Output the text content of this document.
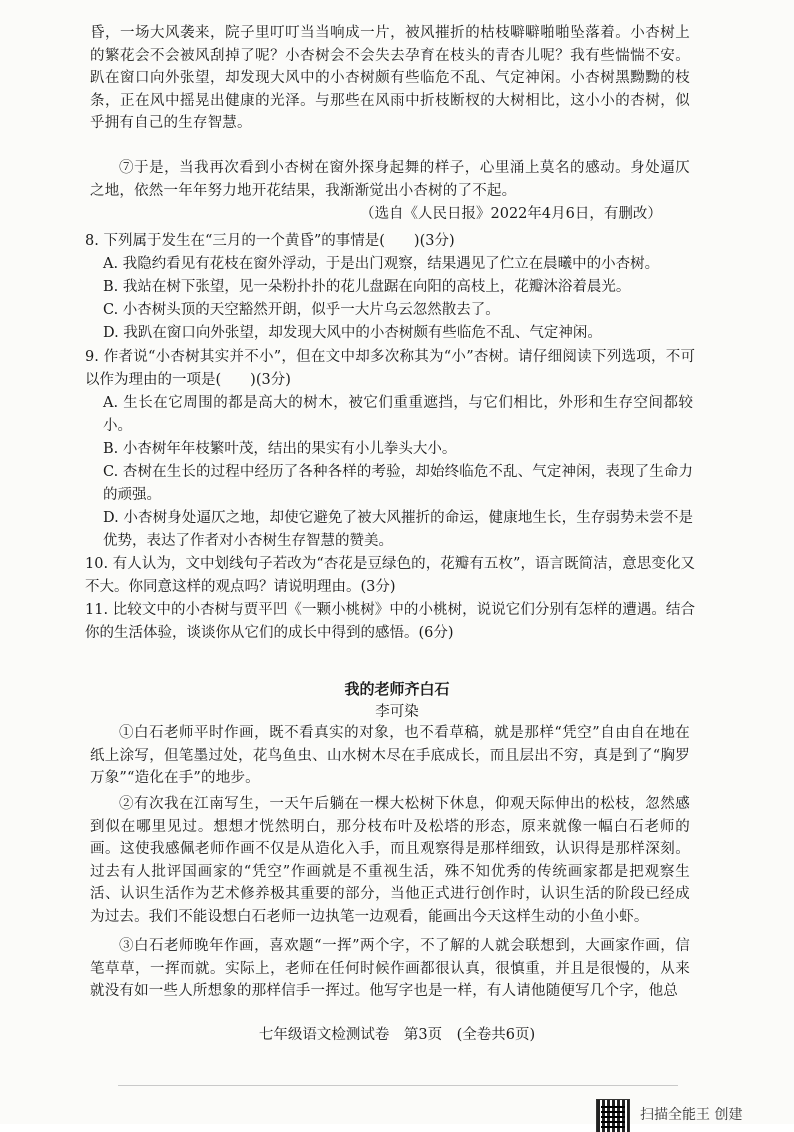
昏，一场大风袭来，院子里叮叮当当响成一片，被风摧折的枯枝噼噼啪啪坠落着。小杏树上的繁花会不会被风刮掉了呢？小杏树会不会失去孕育在枝头的青杏儿呢？我有些惴惴不安。趴在窗口向外张望，却发现大风中的小杏树颇有些临危不乱、气定神闲。小杏树黑黝黝的枝条，正在风中摇晃出健康的光泽。与那些在风雨中折枝断杈的大树相比，这小小的杏树，似乎拥有自己的生存智慧。

⑦于是，当我再次看到小杏树在窗外探身起舞的样子，心里涌上莫名的感动。身处逼仄之地，依然一年年努力地开花结果，我渐渐觉出小杏树的了不起。

（选自《人民日报》2022年4月6日，有删改）

8. 下列属于发生在“三月的一个黄昏”的事情是(　　)(3分)

A. 我隐约看见有花枝在窗外浮动，于是出门观察，结果遇见了伫立在晨曦中的小杏树。

B. 我站在树下张望，见一朵粉扑扑的花儿盘踞在向阳的高枝上，花瓣沐浴着晨光。

C. 小杏树头顶的天空豁然开朗，似乎一大片乌云忽然散去了。

D. 我趴在窗口向外张望，却发现大风中的小杏树颇有些临危不乱、气定神闲。

9. 作者说“小杏树其实并不小”，但在文中却多次称其为“小”杏树。请仔细阅读下列选项，不可以作为理由的一项是(　　)(3分)

A. 生长在它周围的都是高大的树木，被它们重重遮挡，与它们相比，外形和生存空间都较小。

B. 小杏树年年枝繁叶茂，结出的果实有小儿拳头大小。

C. 杏树在生长的过程中经历了各种各样的考验，却始终临危不乱、气定神闲，表现了生命力的顽强。

D. 小杏树身处逼仄之地，却使它避免了被大风摧折的命运，健康地生长，生存弱势未尝不是优势，表达了作者对小杏树生存智慧的赞美。

10. 有人认为，文中划线句子若改为“杏花是豆绿色的，花瓣有五枚”，语言既简洁，意思变化又不大。你同意这样的观点吗？请说明理由。(3分)

11. 比较文中的小杏树与贾平凹《一颗小桃树》中的小桃树，说说它们分别有怎样的遭遇。结合你的生活体验，谈谈你从它们的成长中得到的感悟。(6分)

我的老师齐白石

李可染

①白石老师平时作画，既不看真实的对象，也不看草稿，就是那样“凭空”自由自在地在纸上涂写，但笔墨过处，花鸟鱼虫、山水树木尽在手底成长，而且层出不穷，真是到了“胸罗万象”“造化在手”的地步。

②有次我在江南写生，一天午后躺在一棵大松树下休息，仰观天际伸出的松枝，忽然感到似在哪里见过。想想才恍然明白，那分枝布叶及松塔的形态，原来就像一幅白石老师的画。这使我感佩老师作画不仅是从造化入手，而且观察得是那样细致，认识得是那样深刻。过去有人批评国画家的“凭空”作画就是不重视生活，殊不知优秀的传统画家都是把观察生活、认识生活作为艺术修养极其重要的部分，当他正式进行创作时，认识生活的阶段已经成为过去。我们不能设想白石老师一边执笔一边观看，能画出今天这样生动的小鱼小虾。

③白石老师晚年作画，喜欢题“一挥”两个字，不了解的人就会联想到，大画家作画，信笔草草，一挥而就。实际上，老师在任何时候作画都很认真，很慎重，并且是很慢的，从来就没有如一些人所想象的那样信手一挥过。他写字也是一样，有人请他随便写几个字，他总

七年级语文检测试卷　第3页　(全卷共6页)

扫描全能王 创建
